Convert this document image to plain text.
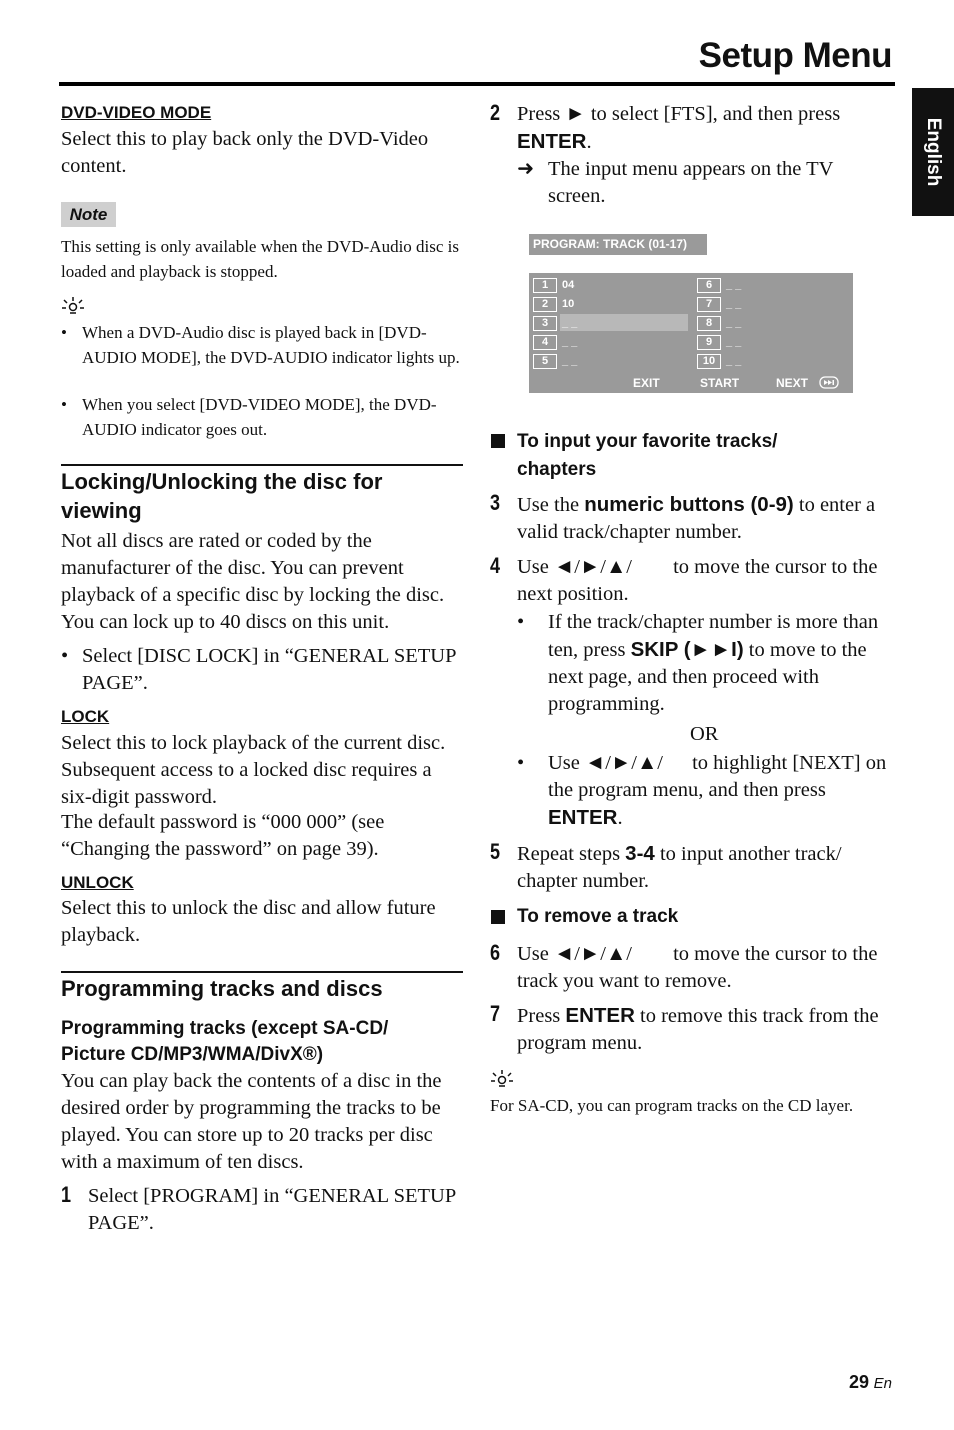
Setup Menu
English
DVD-VIDEO MODE
Select this to play back only the DVD-Video content.
Note
This setting is only available when the DVD-Audio disc is loaded and playback is stopped.
• When a DVD-Audio disc is played back in [DVD-AUDIO MODE], the DVD-AUDIO indicator lights up.
• When you select [DVD-VIDEO MODE], the DVD-AUDIO indicator goes out.
Locking/Unlocking the disc for
viewing
Not all discs are rated or coded by the manufacturer of the disc. You can prevent playback of a specific disc by locking the disc. You can lock up to 40 discs on this unit.
• Select [DISC LOCK] in “GENERAL SETUP PAGE”.
LOCK
Select this to lock playback of the current disc. Subsequent access to a locked disc requires a six-digit password.
The default password is “000 000” (see “Changing the password” on page 39).
UNLOCK
Select this to unlock the disc and allow future playback.
Programming tracks and discs
Programming tracks (except SA-CD/
Picture CD/MP3/WMA/DivX®)
You can play back the contents of a disc in the desired order by programming the tracks to be played. You can store up to 20 tracks per disc with a maximum of ten discs.
1 Select [PROGRAM] in “GENERAL SETUP PAGE”.
2 Press ► to select [FTS], and then press ENTER.
➜ The input menu appears on the TV screen.
PROGRAM: TRACK (01-17)
1	04
2	10
3	_ _
4	_ _
5	_ _
6	_ _
7	_ _
8	_ _
9	_ _
10 _ _
EXIT	START	NEXT
To input your favorite tracks/
chapters
3 Use the numeric buttons (0-9) to enter a valid track/chapter number.
4 Use ◄/►/▲/ to move the cursor to the next position.
• If the track/chapter number is more than ten, press SKIP (►►I) to move to the next page, and then proceed with programming.
OR
• Use ◄/►/▲/ to highlight [NEXT] on the program menu, and then press ENTER.
5 Repeat steps 3-4 to input another track/ chapter number.
To remove a track
6 Use ◄/►/▲/ to move the cursor to the track you want to remove.
7 Press ENTER to remove this track from the program menu.
For SA-CD, you can program tracks on the CD layer.
29 En
